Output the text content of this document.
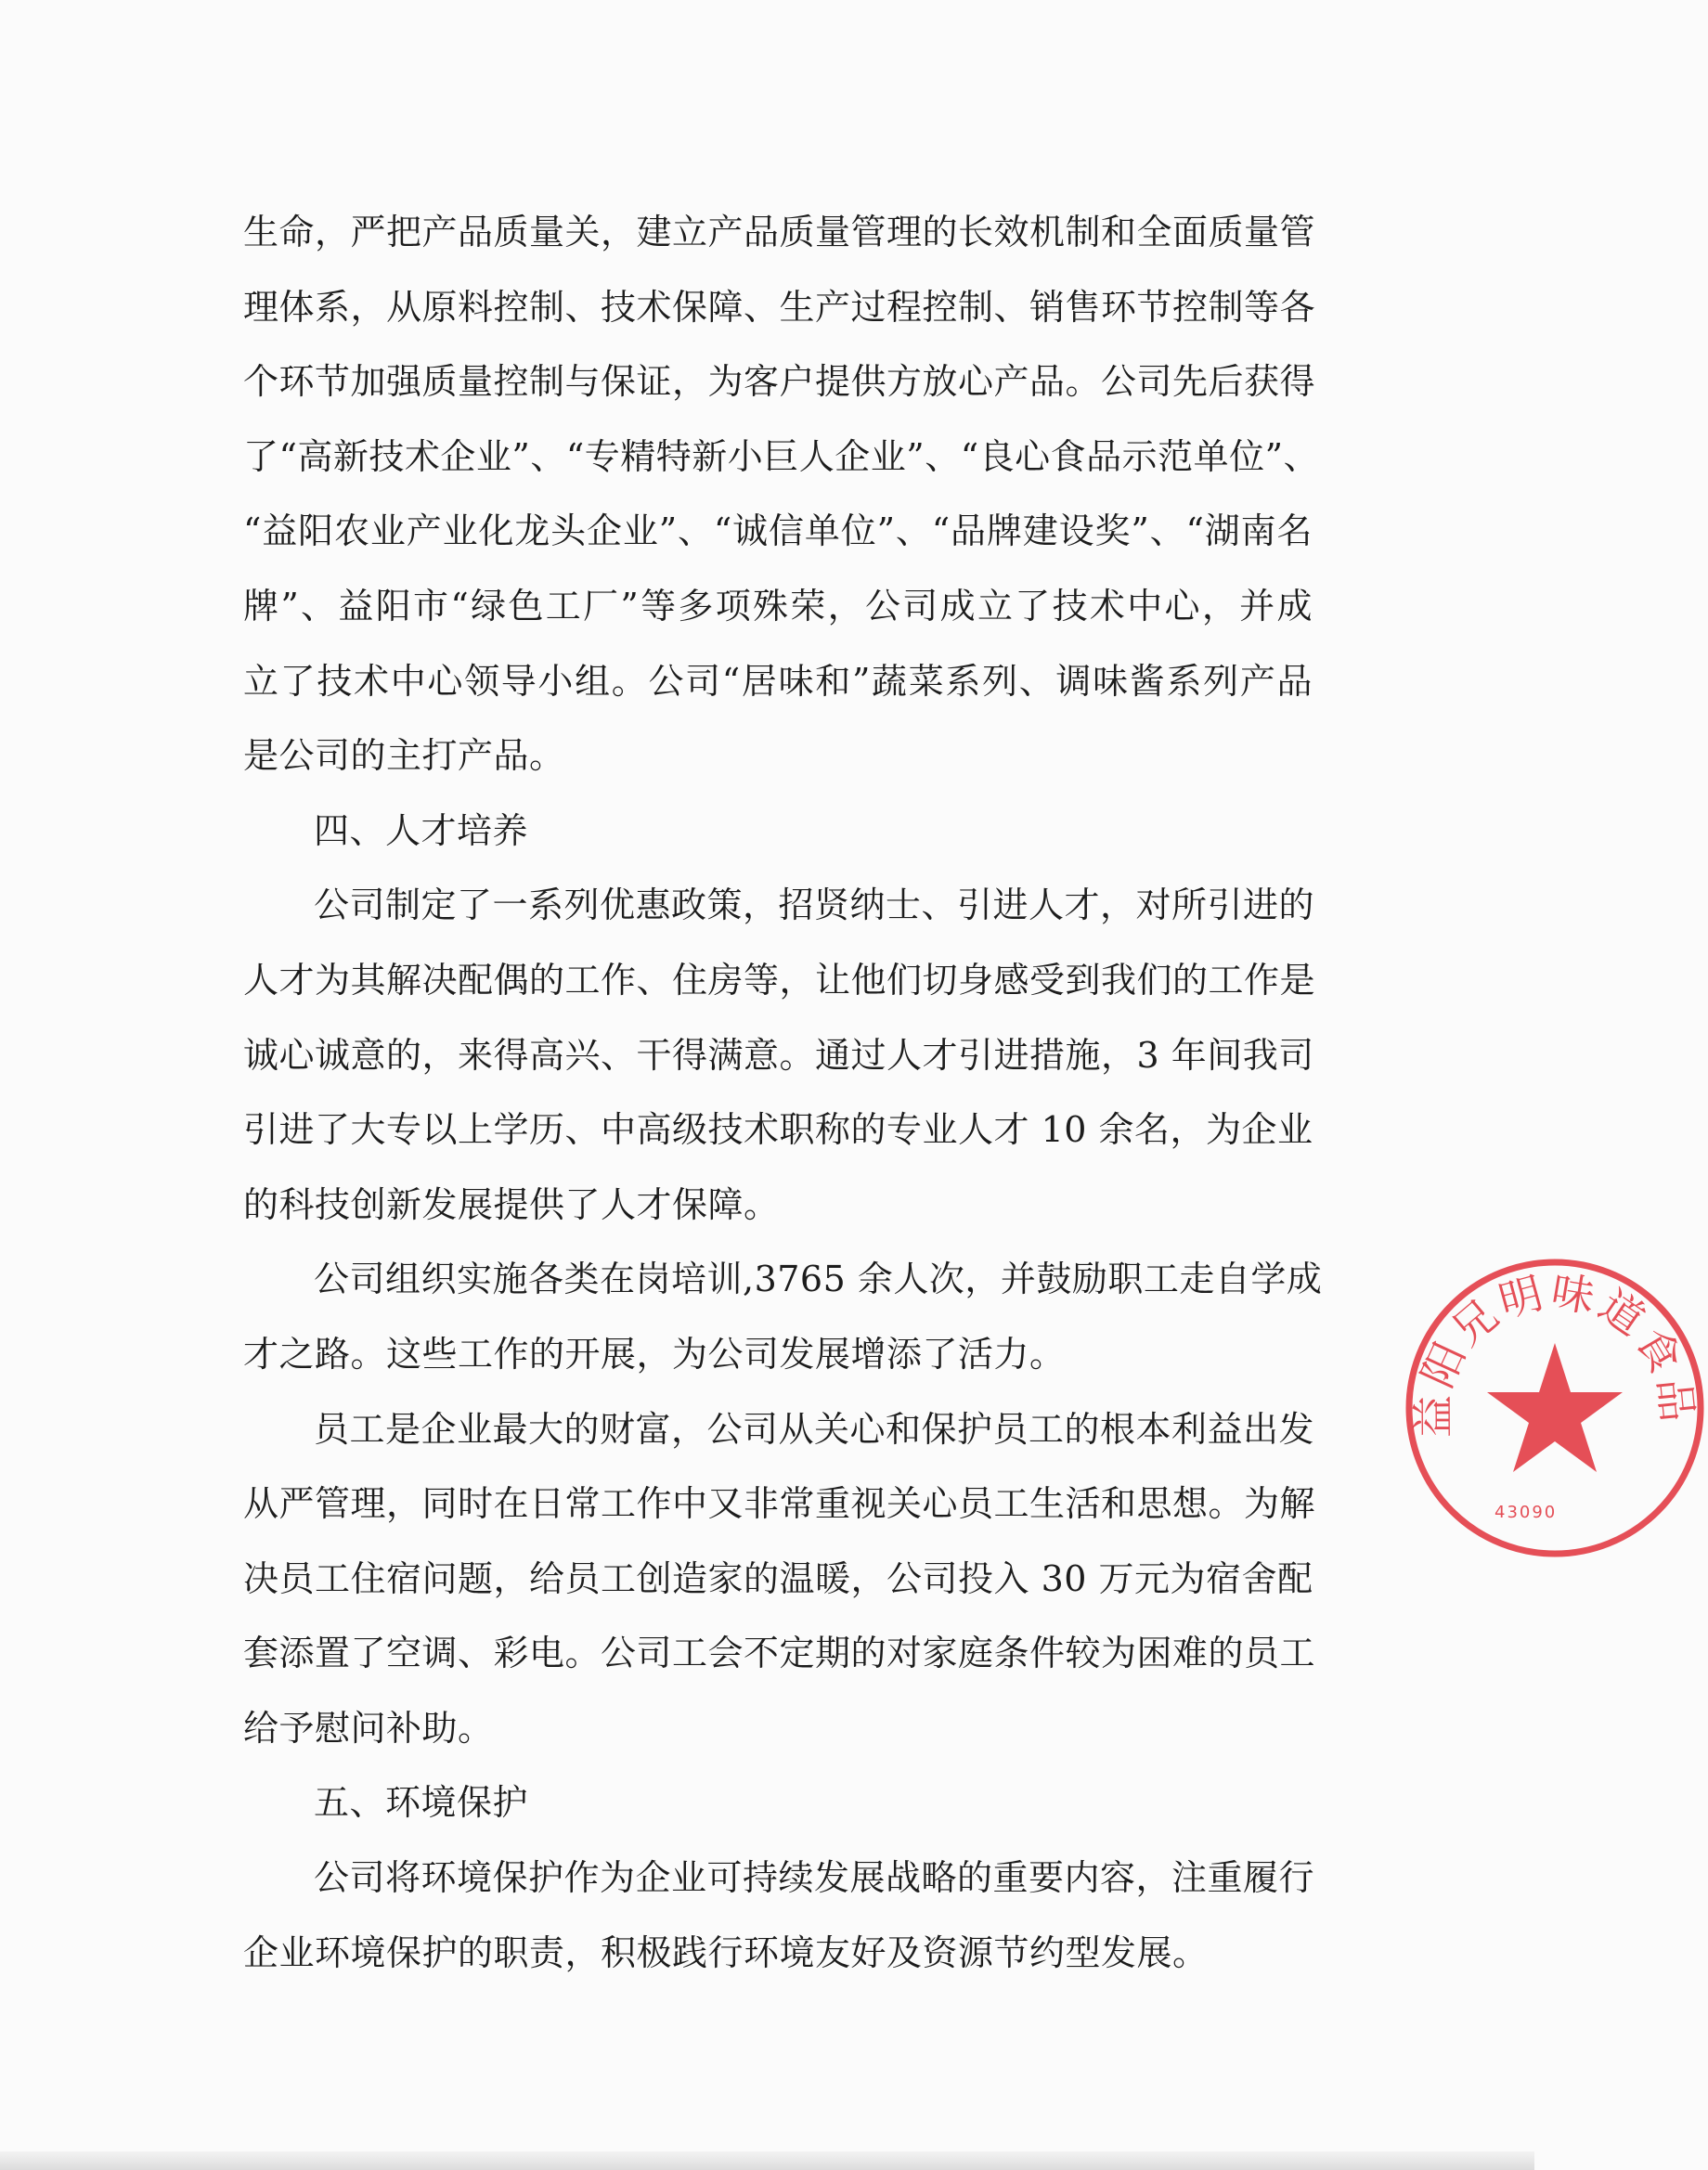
生命，严把产品质量关，建立产品质量管理的长效机制和全面质量管
理体系，从原料控制、技术保障、生产过程控制、销售环节控制等各
个环节加强质量控制与保证，为客户提供方放心产品。公司先后获得
了“高新技术企业”、“专精特新小巨人企业”、“良心食品示范单位”、
“益阳农业产业化龙头企业”、“诚信单位”、“品牌建设奖”、“湖南名
牌”、益阳市“绿色工厂”等多项殊荣，公司成立了技术中心，并成
立了技术中心领导小组。公司“居味和”蔬菜系列、调味酱系列产品
是公司的主打产品。
四、人才培养
公司制定了一系列优惠政策，招贤纳士、引进人才，对所引进的
人才为其解决配偶的工作、住房等，让他们切身感受到我们的工作是
诚心诚意的，来得高兴、干得满意。通过人才引进措施，3 年间我司
引进了大专以上学历、中高级技术职称的专业人才 10 余名，为企业
的科技创新发展提供了人才保障。
公司组织实施各类在岗培训,3765 余人次，并鼓励职工走自学成
才之路。这些工作的开展，为公司发展增添了活力。
员工是企业最大的财富，公司从关心和保护员工的根本利益出发
从严管理，同时在日常工作中又非常重视关心员工生活和思想。为解
决员工住宿问题，给员工创造家的温暖，公司投入 30 万元为宿舍配
套添置了空调、彩电。公司工会不定期的对家庭条件较为困难的员工
给予慰问补助。
五、环境保护
公司将环境保护作为企业可持续发展战略的重要内容，注重履行
企业环境保护的职责，积极践行环境友好及资源节约型发展。
益阳兄明味道食品
43090
